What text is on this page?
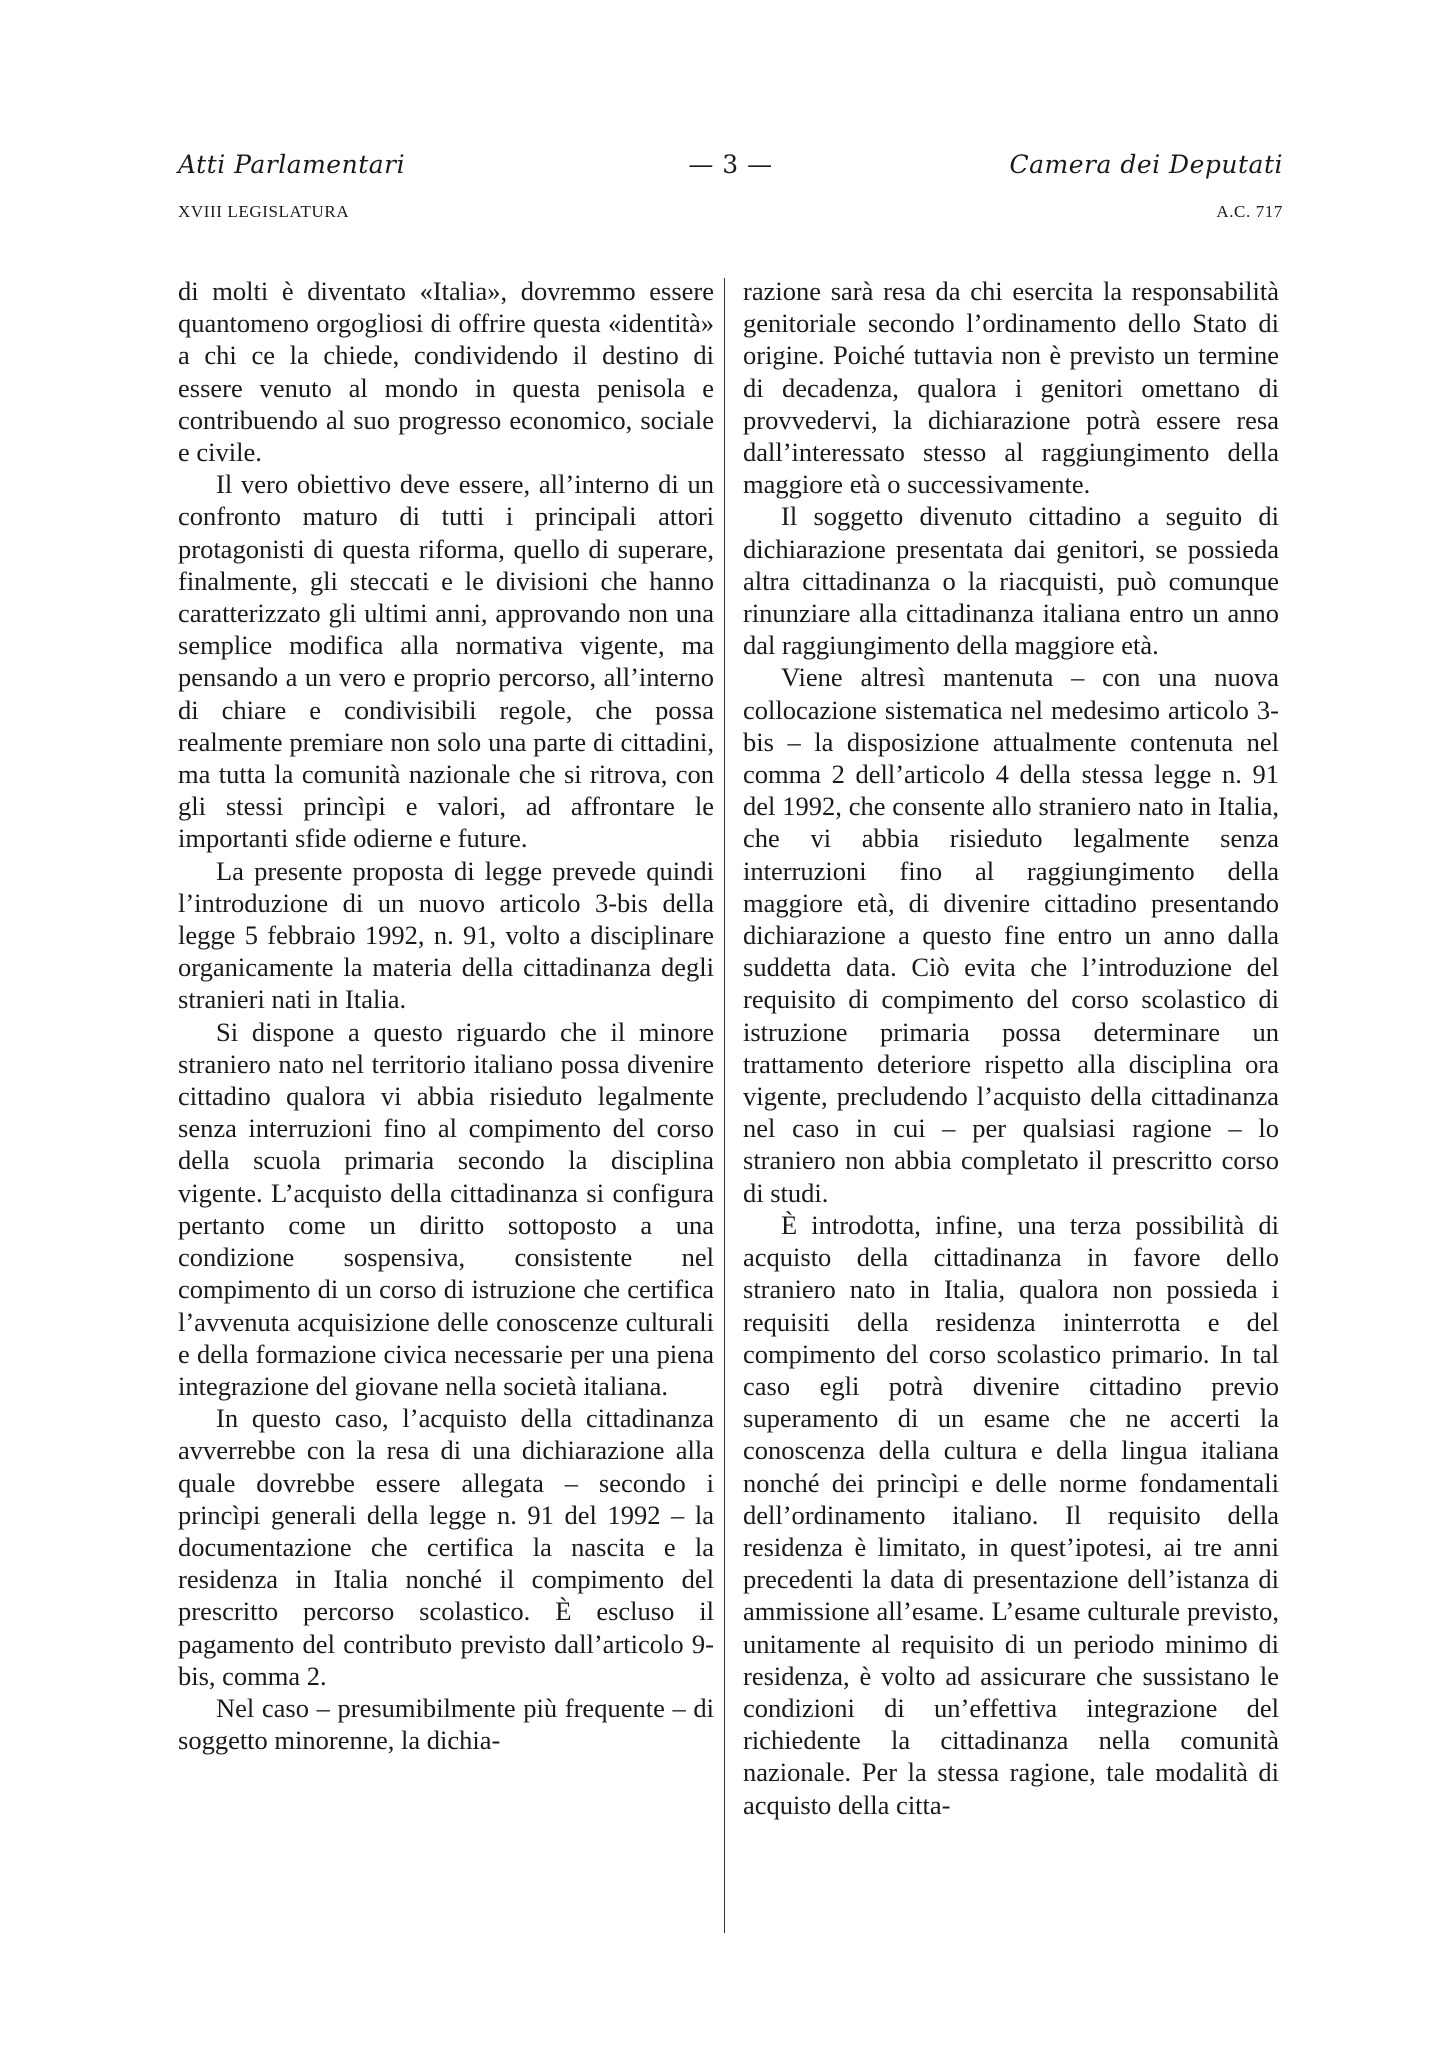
Atti Parlamentari	— 3 —	Camera dei Deputati
XVIII LEGISLATURA	A.C. 717

di molti è diventato «Italia», dovremmo essere quantomeno orgogliosi di offrire questa «identità» a chi ce la chiede, condividendo il destino di essere venuto al mondo in questa penisola e contribuendo al suo progresso economico, sociale e civile.

Il vero obiettivo deve essere, all’interno di un confronto maturo di tutti i principali attori protagonisti di questa riforma, quello di superare, finalmente, gli steccati e le divisioni che hanno caratterizzato gli ultimi anni, approvando non una semplice modifica alla normativa vigente, ma pensando a un vero e proprio percorso, all’interno di chiare e condivisibili regole, che possa realmente premiare non solo una parte di cittadini, ma tutta la comunità nazionale che si ritrova, con gli stessi princìpi e valori, ad affrontare le importanti sfide odierne e future.

La presente proposta di legge prevede quindi l’introduzione di un nuovo articolo 3-bis della legge 5 febbraio 1992, n. 91, volto a disciplinare organicamente la materia della cittadinanza degli stranieri nati in Italia.

Si dispone a questo riguardo che il minore straniero nato nel territorio italiano possa divenire cittadino qualora vi abbia risieduto legalmente senza interruzioni fino al compimento del corso della scuola primaria secondo la disciplina vigente. L’acquisto della cittadinanza si configura pertanto come un diritto sottoposto a una condizione sospensiva, consistente nel compimento di un corso di istruzione che certifica l’avvenuta acquisizione delle conoscenze culturali e della formazione civica necessarie per una piena integrazione del giovane nella società italiana.

In questo caso, l’acquisto della cittadinanza avverrebbe con la resa di una dichiarazione alla quale dovrebbe essere allegata – secondo i princìpi generali della legge n. 91 del 1992 – la documentazione che certifica la nascita e la residenza in Italia nonché il compimento del prescritto percorso scolastico. È escluso il pagamento del contributo previsto dall’articolo 9-bis, comma 2.

Nel caso – presumibilmente più frequente – di soggetto minorenne, la dichia-

razione sarà resa da chi esercita la responsabilità genitoriale secondo l’ordinamento dello Stato di origine. Poiché tuttavia non è previsto un termine di decadenza, qualora i genitori omettano di provvedervi, la dichiarazione potrà essere resa dall’interessato stesso al raggiungimento della maggiore età o successivamente.

Il soggetto divenuto cittadino a seguito di dichiarazione presentata dai genitori, se possieda altra cittadinanza o la riacquisti, può comunque rinunziare alla cittadinanza italiana entro un anno dal raggiungimento della maggiore età.

Viene altresì mantenuta – con una nuova collocazione sistematica nel medesimo articolo 3-bis – la disposizione attualmente contenuta nel comma 2 dell’articolo 4 della stessa legge n. 91 del 1992, che consente allo straniero nato in Italia, che vi abbia risieduto legalmente senza interruzioni fino al raggiungimento della maggiore età, di divenire cittadino presentando dichiarazione a questo fine entro un anno dalla suddetta data. Ciò evita che l’introduzione del requisito di compimento del corso scolastico di istruzione primaria possa determinare un trattamento deteriore rispetto alla disciplina ora vigente, precludendo l’acquisto della cittadinanza nel caso in cui – per qualsiasi ragione – lo straniero non abbia completato il prescritto corso di studi.

È introdotta, infine, una terza possibilità di acquisto della cittadinanza in favore dello straniero nato in Italia, qualora non possieda i requisiti della residenza ininterrotta e del compimento del corso scolastico primario. In tal caso egli potrà divenire cittadino previo superamento di un esame che ne accerti la conoscenza della cultura e della lingua italiana nonché dei princìpi e delle norme fondamentali dell’ordinamento italiano. Il requisito della residenza è limitato, in quest’ipotesi, ai tre anni precedenti la data di presentazione dell’istanza di ammissione all’esame. L’esame culturale previsto, unitamente al requisito di un periodo minimo di residenza, è volto ad assicurare che sussistano le condizioni di un’effettiva integrazione del richiedente la cittadinanza nella comunità nazionale. Per la stessa ragione, tale modalità di acquisto della citta-
